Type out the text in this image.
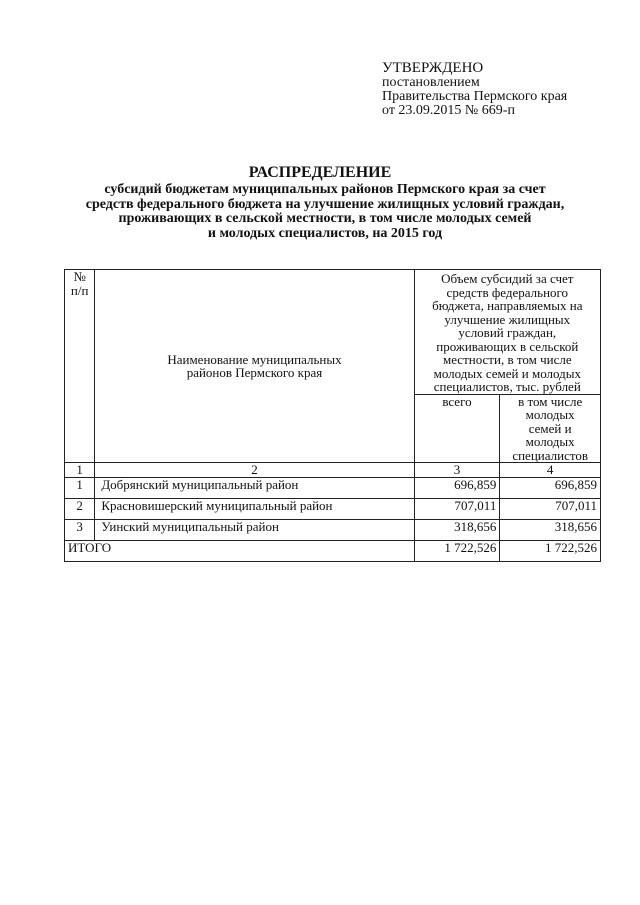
УТВЕРЖДЕНО
постановлением
Правительства Пермского края
от 23.09.2015 № 669-п
РАСПРЕДЕЛЕНИЕ
субсидий бюджетам муниципальных районов Пермского края за счет
средств федерального бюджета на улучшение жилищных условий граждан,
проживающих в сельской местности, в том числе молодых семей
и молодых специалистов, на 2015 год
№ п/п	Наименование муниципальных районов Пермского края	Объем субсидий за счет средств федерального бюджета, направляемых на улучшение жилищных условий граждан, проживающих в сельской местности, в том числе молодых семей и молодых специалистов, тыс. рублей	
		всего	в том числе молодых семей и молодых специалистов
1	2	3	4
1	Добрянский муниципальный район	696,859	696,859
2	Красновишерский муниципальный район	707,011	707,011
3	Уинский муниципальный район	318,656	318,656
ИТОГО		1 722,526	1 722,526
